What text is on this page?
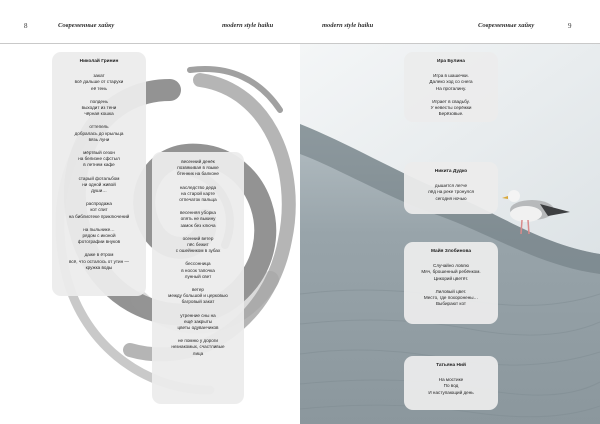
8	Современные хайку	modern style haiku
Николай Гринин
закат
всё дальше от старухи
её тень
полдень
выходит из тени
чёрная кошка
оттепель
добралась до крыльца
вязь луни
мёртвый сезон
на белизне сфстыл
в летнем кафе
старый фотальбом
ни одной живой
души…
распродажа
кот спит
на библиотеке приключений
на пыльнике…
рядом с иконой
фотографии внуков
даже в ётром
всё, что осталось от утин —
кружка воды
весенний денёк
позвякивая в языке
бтенник на балконе
наследство деда
на старой карте
отпечаток пальца
весенняя уборка
опять не выкину
замок без ключа
осенний ветер
пёс бежит
с ошейником в зубах
бессонница
в носок тапочка
лунный свет
ветер
между большой и церковью
багровый закат
утренние сны на
ещё закрыты
цветы одуванчиков
не помню у дороги
незнакомых, счастливые
лица
modern style haiku	Современные хайку	9
Ира Булина
Игра в шашечки.
Далеко ход со снега
На проталину.
Играет в свадьбу.
У невесты серёжки
Берёзовые.
Никита Дудко
дышится легче
лёд на реке тронулся
сегодня ночью
Майя Злобинова
Случайно ловлю
Мяч, брошенный ребёнком.
Цикорий цветёт.
Лиловый цвет.
Место, где похоронены…
Выбирают кот
Татьяна Ний
На мостике
По вод
И наступающий день
